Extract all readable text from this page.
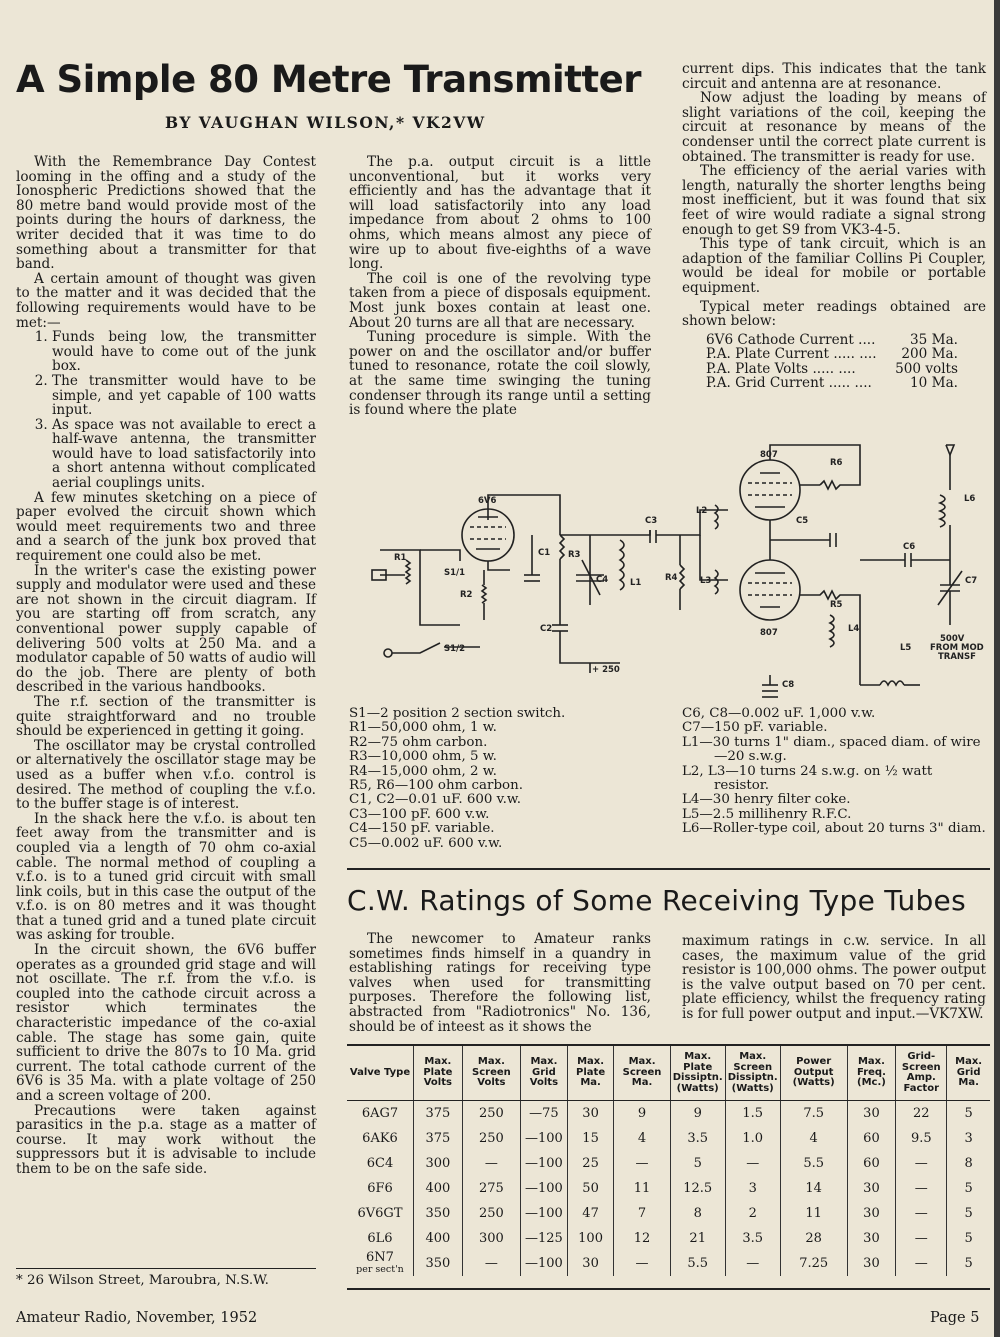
A Simple 80 Metre Transmitter
BY VAUGHAN WILSON,* VK2VW

With the Remembrance Day Contest looming in the offing and a study of the Ionospheric Predictions showed that the 80 metre band would provide most of the points during the hours of darkness, the writer decided that it was time to do something about a transmitter for that band.

A certain amount of thought was given to the matter and it was decided that the following requirements would have to be met:—

1. Funds being low, the transmitter would have to come out of the junk box.
2. The transmitter would have to be simple, and yet capable of 100 watts input.
3. As space was not available to erect a half-wave antenna, the transmitter would have to load satisfactorily into a short antenna without complicated aerial couplings units.

A few minutes sketching on a piece of paper evolved the circuit shown which would meet requirements two and three and a search of the junk box proved that requirement one could also be met.

In the writer's case the existing power supply and modulator were used and these are not shown in the circuit diagram. If you are starting off from scratch, any conventional power supply capable of delivering 500 volts at 250 Ma. and a modulator capable of 50 watts of audio will do the job. There are plenty of both described in the various handbooks.

The r.f. section of the transmitter is quite straightforward and no trouble should be experienced in getting it going.

The oscillator may be crystal controlled or alternatively the oscillator stage may be used as a buffer when v.f.o. control is desired. The method of coupling the v.f.o. to the buffer stage is of interest.

In the shack here the v.f.o. is about ten feet away from the transmitter and is coupled via a length of 70 ohm co-axial cable. The normal method of coupling a v.f.o. is to a tuned grid circuit with small link coils, but in this case the output of the v.f.o. is on 80 metres and it was thought that a tuned grid and a tuned plate circuit was asking for trouble.

In the circuit shown, the 6V6 buffer operates as a grounded grid stage and will not oscillate. The r.f. from the v.f.o. is coupled into the cathode circuit across a resistor which terminates the characteristic impedance of the co-axial cable. The stage has some gain, quite sufficient to drive the 807s to 10 Ma. grid current. The total cathode current of the 6V6 is 35 Ma. with a plate voltage of 250 and a screen voltage of 200.

Precautions were taken against parasitics in the p.a. stage as a matter of course. It may work without the suppressors but it is advisable to include them to be on the safe side.

* 26 Wilson Street, Maroubra, N.S.W.

The p.a. output circuit is a little unconventional, but it works very efficiently and has the advantage that it will load satisfactorily into any load impedance from about 2 ohms to 100 ohms, which means almost any piece of wire up to about five-eighths of a wave long.

The coil is one of the revolving type taken from a piece of disposals equipment. Most junk boxes contain at least one. About 20 turns are all that are necessary.

Tuning procedure is simple. With the power on and the oscillator and/or buffer tuned to resonance, rotate the coil slowly, at the same time swinging the tuning condenser through its range until a setting is found where the plate

current dips. This indicates that the tank circuit and antenna are at resonance.

Now adjust the loading by means of slight variations of the coil, keeping the circuit at resonance by means of the condenser until the correct plate current is obtained. The transmitter is ready for use.

The efficiency of the aerial varies with length, naturally the shorter lengths being most inefficient, but it was found that six feet of wire would radiate a signal strong enough to get S9 from VK3-4-5.

This type of tank circuit, which is an adaption of the familiar Collins Pi Coupler, would be ideal for mobile or portable equipment.

Typical meter readings obtained are shown below:

6V6 Cathode Current ....	35 Ma.
P.A. Plate Current ..... .... 200 Ma.
P.A. Plate Volts ..... ....	500 volts
P.A. Grid Current ..... ....	10 Ma.
6V6
807
807
R1
R2
R3
R4
R5
R6
C1
C2
C3
C4
C5
C6
C7
C8
L1
L2
L3
L4
L5
L6
S1/1
S1/2
+ 250
500V
FROM MOD
TRANSF
S1—2 position 2 section switch.
R1—50,000 ohm, 1 w.
R2—75 ohm carbon.
R3—10,000 ohm, 5 w.
R4—15,000 ohm, 2 w.
R5, R6—100 ohm carbon.
C1, C2—0.01 uF. 600 v.w.
C3—100 pF. 600 v.w.
C4—150 pF. variable.
C5—0.002 uF. 600 v.w.
C6, C8—0.002 uF. 1,000 v.w.
C7—150 pF. variable.
L1—30 turns 1" diam., spaced diam. of wire—20 s.w.g.
L2, L3—10 turns 24 s.w.g. on ½ watt resistor.
L4—30 henry filter coke.
L5—2.5 millihenry R.F.C.
L6—Roller-type coil, about 20 turns 3" diam.
C.W. Ratings of Some Receiving Type Tubes

The newcomer to Amateur ranks sometimes finds himself in a quandry in establishing ratings for receiving type valves when used for transmitting purposes. Therefore the following list, abstracted from "Radiotronics" No. 136, should be of inteest as it shows the

maximum ratings in c.w. service. In all cases, the maximum value of the grid resistor is 100,000 ohms. The power output is the valve output based on 70 per cent. plate efficiency, whilst the frequency rating is for full power output and input.—VK7XW.

Valve Type	Max. Plate Volts	Max. Screen Volts	Max. Grid Volts	Max. Plate Ma.	Max. Screen Ma.	Max. Plate Dissiptn. (Watts)	Max. Screen Dissiptn. (Watts)	Power Output (Watts)	Max. Freq. (Mc.)	Grid-Screen Amp. Factor	Max. Grid Ma.
6AG7	375	250	—75	30	9	9	1.5	7.5	30	22	5
6AK6	375	250	—100	15	4	3.5	1.0	4	60	9.5	3
6C4	300	—	—100	25	—	5	—	5.5	60	—	8
6F6	400	275	—100	50	11	12.5	3	14	30	—	5
6V6GT	350	250	—100	47	7	8	2	11	30	—	5
6L6	400	300	—125	100	12	21	3.5	28	30	—	5
6N7
per sect'n	350	—	—100	30	—	5.5	—	7.25	30	—	5
Amateur Radio, November, 1952	Page 5
